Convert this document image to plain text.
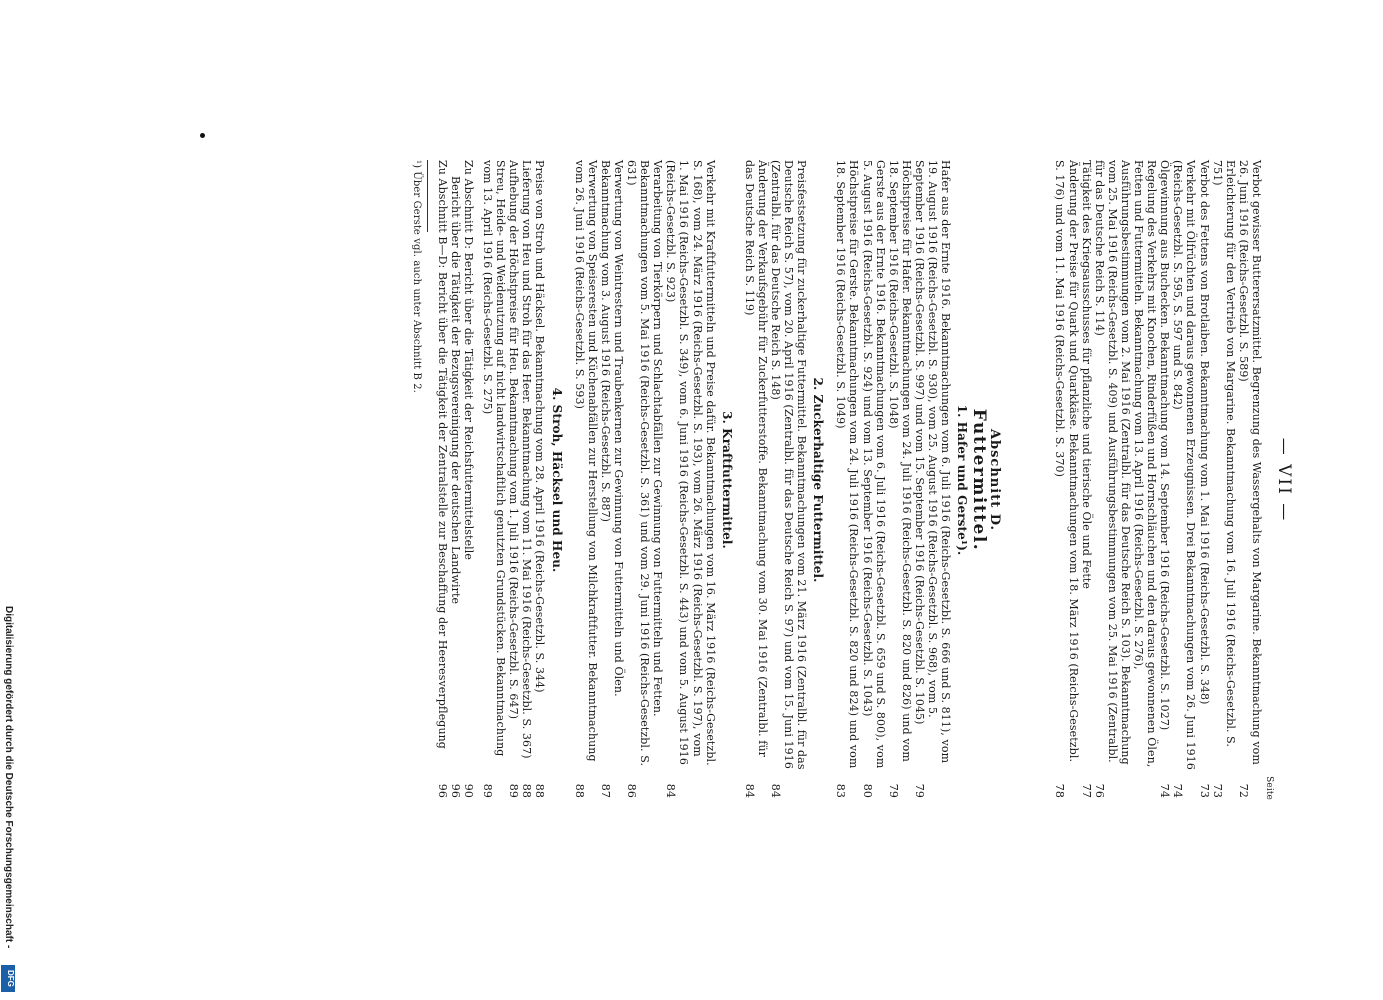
Digitalisierung gefördert durch die Deutsche Forschungsgemeinschaft -
DFG
— VII —
Seite
Verbot gewisser Butterersatzmittel. Begrenzung des Wassergehalts von Margarine. Bekanntmachung vom 26. Juni 1916 (Reichs-Gesetzbl. S. 589)
72
Erleichterung für den Vertrieb von Margarine. Bekanntmachung vom 16. Juli 1916 (Reichs-Gesetzbl. S. 751)
73
Verbot des Fettens von Brotlaiben. Bekanntmachung vom 1. Mai 1916 (Reichs-Gesetzbl. S. 348)
73
Verkehr mit Ölfrüchten und daraus gewonnenen Erzeugnissen. Drei Bekanntmachungen vom 26. Juni 1916 (Reichs-Gesetzbl. S. 595, S. 597 und S. 842)
74
Ölgewinnung aus Buchecken. Bekanntmachung vom 14. September 1916 (Reichs-Gesetzbl. S. 1027)
74
Regelung des Verkehrs mit Knochen, Rinderfüßen und Hornschläuchen und den daraus gewonnenen Ölen, Fetten und Futtermitteln. Bekanntmachung vom 13. April 1916 (Reichs-Gesetzbl. S. 276), Ausführungsbestimmungen vom 2. Mai 1916 (Zentralbl. für das Deutsche Reich S. 103). Bekanntmachung vom 25. Mai 1916 (Reichs-Gesetzbl. S. 409) und Ausführungsbestimmungen vom 25. Mai 1916 (Zentralbl. für das Deutsche Reich S. 114)
76
Tätigkeit des Kriegsausschusses für pflanzliche und tierische Öle und Fette
77
Änderung der Preise für Quark und Quarkkäse. Bekanntmachungen vom 18. März 1916 (Reichs-Gesetzbl. S. 176) und vom 11. Mai 1916 (Reichs-Gesetzbl. S. 370)
78
Abschnitt D.
Futtermittel.
1. Hafer und Gerste¹).
Hafer aus der Ernte 1916. Bekanntmachungen vom 6. Juli 1916 (Reichs-Gesetzbl. S. 666 und S. 811), vom 19. August 1916 (Reichs-Gesetzbl. S. 930), vom 25. August 1916 (Reichs-Gesetzbl. S. 968), vom 5. September 1916 (Reichs-Gesetzbl. S. 997) und vom 15. September 1916 (Reichs-Gesetzbl. S. 1045)
79
Höchstpreise für Hafer. Bekanntmachungen vom 24. Juli 1916 (Reichs-Gesetzbl. S. 820 und 826) und vom 18. September 1916 (Reichs-Gesetzbl. S. 1048)
79
Gerste aus der Ernte 1916. Bekanntmachungen vom 6. Juli 1916 (Reichs-Gesetzbl. S. 659 und S. 800), vom 5. August 1916 (Reichs-Gesetzbl. S. 924) und vom 13. September 1916 (Reichs-Gesetzbl. S. 1043)
80
Höchstpreise für Gerste. Bekanntmachungen vom 24. Juli 1916 (Reichs-Gesetzbl. S. 820 und 824) und vom 18. September 1916 (Reichs-Gesetzbl. S. 1049)
83
2. Zuckerhaltige Futtermittel.
Preisfestsetzung für zuckerhaltige Futtermittel. Bekanntmachungen vom 21. März 1916 (Zentralbl. für das Deutsche Reich S. 57), vom 20. April 1916 (Zentralbl. für das Deutsche Reich S. 97) und vom 15. Juni 1916 (Zentralbl. für das Deutsche Reich S. 148)
84
Änderung der Verkaufsgebühr für Zuckerfutterstoffe. Bekanntmachung vom 30. Mai 1916 (Zentralbl. für das Deutsche Reich S. 119)
84
3. Kraftfuttermittel.
Verkehr mit Kraftfuttermitteln und Preise dafür. Bekanntmachungen vom 16. März 1916 (Reichs-Gesetzbl. S. 168), vom 24. März 1916 (Reichs-Gesetzbl. S. 193), vom 26. März 1916 (Reichs-Gesetzbl. S. 197), vom 1. Mai 1916 (Reichs-Gesetzbl. S. 349), vom 6. Juni 1916 (Reichs-Gesetzbl. S. 443) und vom 5. August 1916 (Reichs-Gesetzbl. S. 923)
84
Verarbeitung von Tierkörpern und Schlachtabfällen zur Gewinnung von Futtermitteln und Fetten. Bekanntmachungen vom 5. Mai 1916 (Reichs-Gesetzbl. S. 361) und vom 29. Juni 1916 (Reichs-Gesetzbl. S. 631)
86
Verwertung von Weintrestern und Traubenkernen zur Gewinnung von Futtermitteln und Ölen. Bekanntmachung vom 3. August 1916 (Reichs-Gesetzbl. S. 887)
87
Verwertung von Speiseresten und Küchenabfällen zur Herstellung von Milchkraftfutter. Bekanntmachung vom 26. Juni 1916 (Reichs-Gesetzbl. S. 593)
88
4. Stroh, Häcksel und Heu.
Preise von Stroh und Häcksel. Bekanntmachung vom 28. April 1916 (Reichs-Gesetzbl. S. 344)
88
Lieferung von Heu und Stroh für das Heer. Bekanntmachung vom 11. Mai 1916 (Reichs-Gesetzbl. S. 367)
88
Aufhebung der Höchstpreise für Heu. Bekanntmachung vom 1. Juli 1916 (Reichs-Gesetzbl. S. 647)
89
Streu, Heide- und Weidenutzung auf nicht landwirtschaftlich genutzten Grundstücken. Bekanntmachung vom 13. April 1916 (Reichs-Gesetzbl. S. 275)
89
Zu Abschnitt D: Bericht über die Tätigkeit der Reichsfuttermittelstelle
90
Bericht über die Tätigkeit der Bezugsvereinigung der deutschen Landwirte
96
Zu Abschnitt B—D: Bericht über die Tätigkeit der Zentralstelle zur Beschaffung der Heeresverpflegung
96
¹) Über Gerste vgl. auch unter Abschnitt B 2.
